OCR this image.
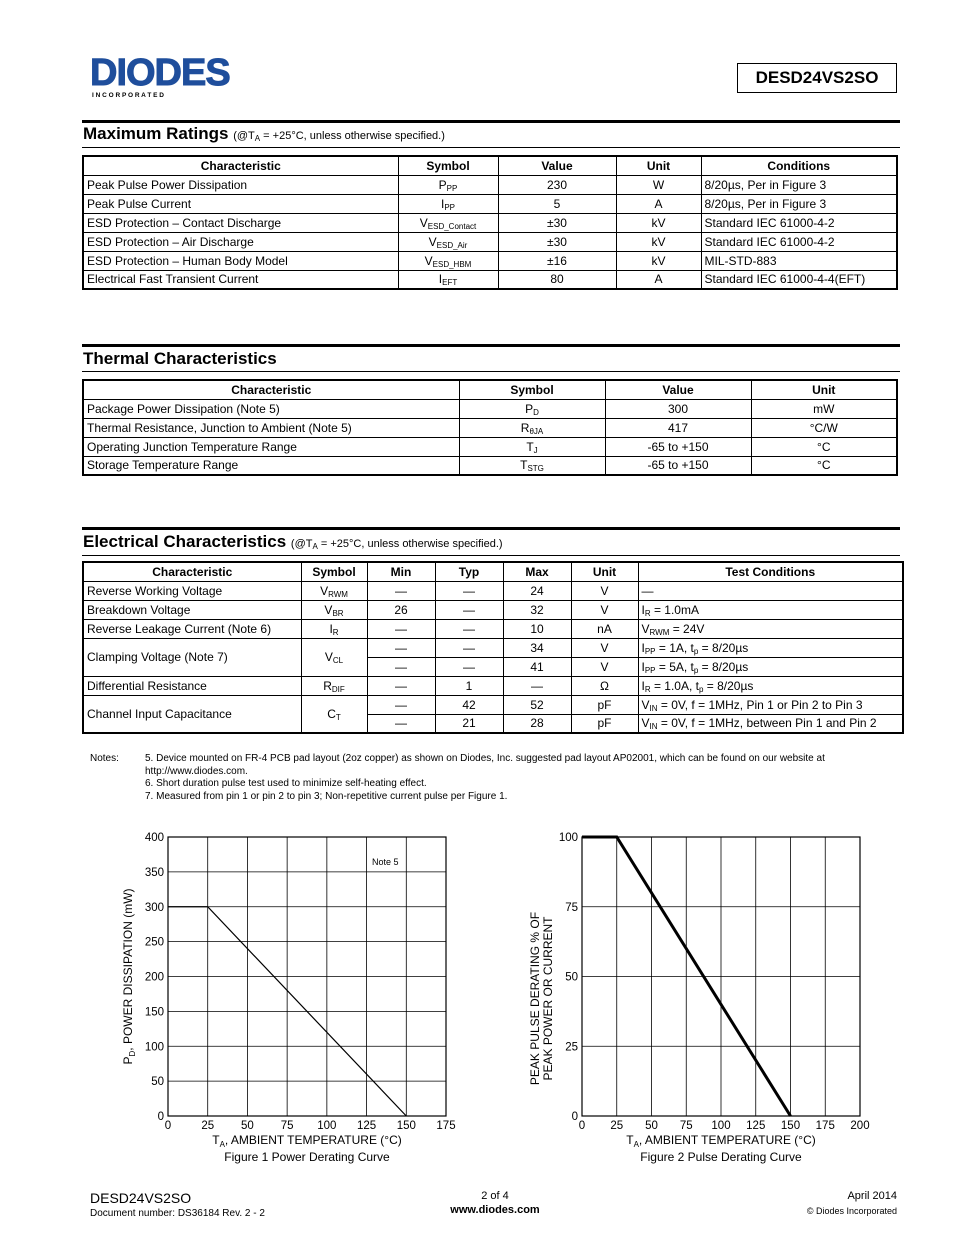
DIODES
I N C O R P O R A T E D
DESD24VS2SO
Maximum Ratings ($@T_A = +25^\circ C$, unless otherwise specified.)
Characteristic	Symbol	Value	Unit	Conditions
Peak Pulse Power Dissipation	$P_{PP}$	230	W	8/20µs, Per in Figure 3
Peak Pulse Current	$I_{PP}$	5	A	8/20µs, Per in Figure 3
ESD Protection – Contact Discharge	$V_{ESD\_Contact}$	±30	kV	Standard IEC 61000-4-2
ESD Protection – Air Discharge	$V_{ESD\_Air}$	±30	kV	Standard IEC 61000-4-2
ESD Protection – Human Body Model	$V_{ESD\_HBM}$	±16	kV	MIL-STD-883
Electrical Fast Transient Current	$I_{EFT}$	80	A	Standard IEC 61000-4-4(EFT)
Thermal Characteristics
Characteristic	Symbol	Value	Unit
Package Power Dissipation (Note 5)	$P_D$	300	mW
Thermal Resistance, Junction to Ambient (Note 5)	$R_{\theta JA}$	417	°C/W
Operating Junction Temperature Range	$T_J$	-65 to +150	°C
Storage Temperature Range	$T_{STG}$	-65 to +150	°C
Electrical Characteristics ($@T_A = +25^\circ C$, unless otherwise specified.)
Characteristic	Symbol	Min	Typ	Max	Unit	Test Conditions
Reverse Working Voltage	$V_{RWM}$	—	—	24	V	—
Breakdown Voltage	$V_{BR}$	26	—	32	V	$I_R = 1.0mA$
Reverse Leakage Current (Note 6)	$I_R$	—	—	10	nA	$V_{RWM} = 24V$
Clamping Voltage (Note 7)	$V_{CL}$	—	—	34	V	$I_{PP} = 1A$, $t_p = 8/20\mu s$
		—	—	41	V	$I_{PP} = 5A$, $t_p = 8/20\mu s$
Differential Resistance	$R_{DIF}$	—	1	—	Ω	$I_R = 1.0A$, $t_p = 8/20\mu s$
Channel Input Capacitance	$C_T$	—	42	52	pF	$V_{IN} = 0V$, f = 1MHz, Pin 1 or Pin 2 to Pin 3
		—	21	28	pF	$V_{IN} = 0V$, f = 1MHz, between Pin 1 and Pin 2
Notes:	5. Device mounted on FR-4 PCB pad layout (2oz copper) as shown on Diodes, Inc. suggested pad layout AP02001, which can be found on our website at http://www.diodes.com.
6. Short duration pulse test used to minimize self-heating effect.
7. Measured from pin 1 or pin 2 to pin 3; Non-repetitive current pulse per Figure 1.
0	25 50 75 100 125 150 175
0
50
100
150
200
250
300
350
400
$T_A$, AMBIENT TEMPERATURE (°C)
Figure 1 Power Derating Curve
$P_D$, POWER DISSIPATION (mW)
Note 5
0 25 50 75 100 125 150 175 200
0
25
50
75
100
$T_A$, AMBIENT TEMPERATURE (°C)
Figure 2 Pulse Derating Curve
PEAK PULSE DERATING % OF PEAK POWER OR CURRENT
DESD24VS2SO
Document number: DS36184 Rev. 2 - 2
2 of 4
www.diodes.com
April 2014
© Diodes Incorporated
